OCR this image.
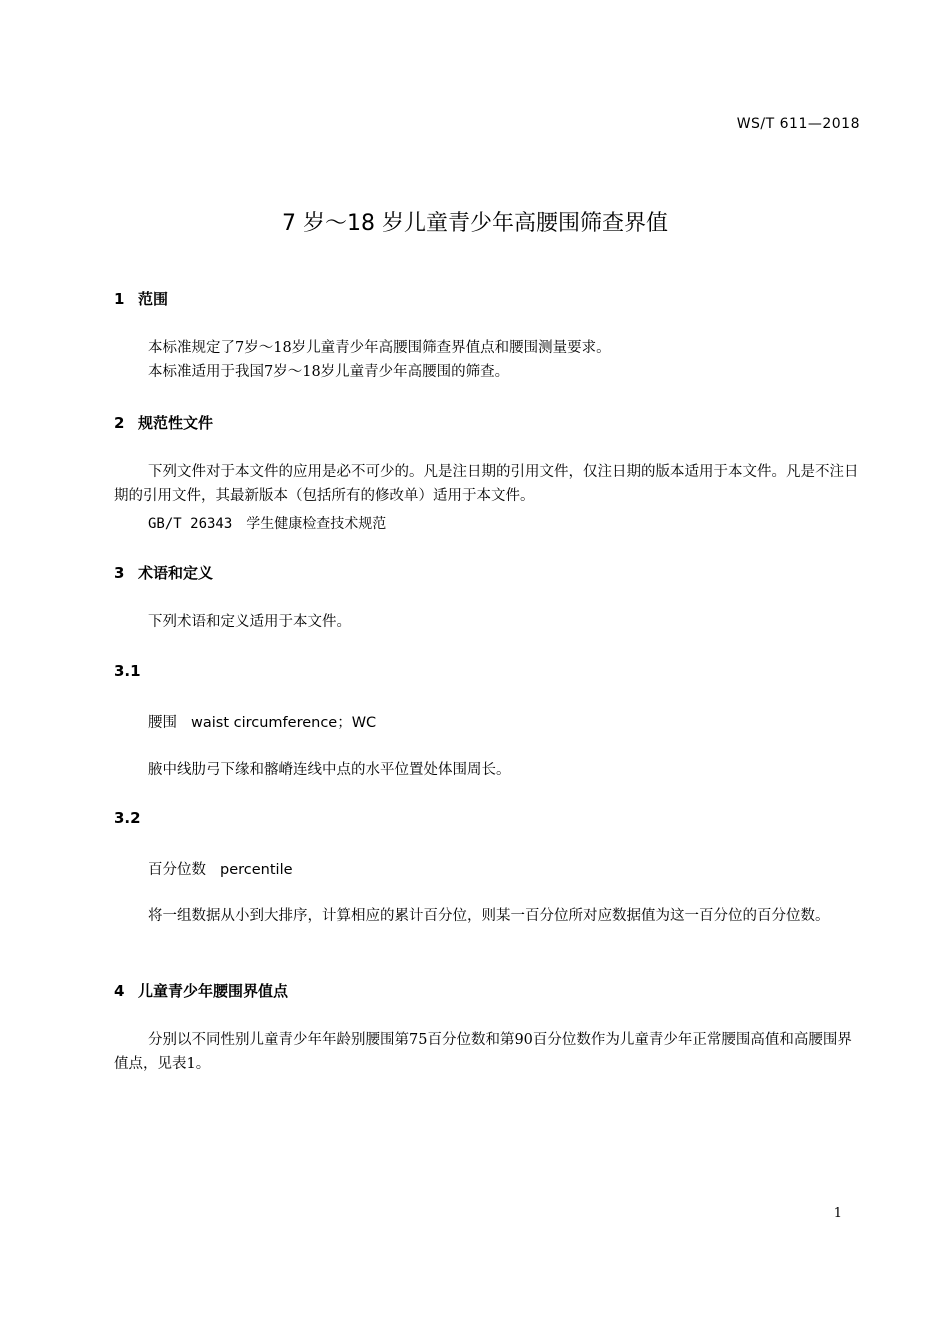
WS/T 611—2018
7 岁～18 岁儿童青少年高腰围筛查界值
1 范围

本标准规定了7岁～18岁儿童青少年高腰围筛查界值点和腰围测量要求。

本标准适用于我国7岁～18岁儿童青少年高腰围的筛查。

2 规范性文件

下列文件对于本文件的应用是必不可少的。凡是注日期的引用文件，仅注日期的版本适用于本文件。凡是不注日期的引用文件，其最新版本（包括所有的修改单）适用于本文件。

GB/T 26343 学生健康检查技术规范
3 术语和定义

下列术语和定义适用于本文件。

3.1
腰围 waist circumference；WC

腋中线肋弓下缘和髂嵴连线中点的水平位置处体围周长。

3.2
百分位数 percentile

将一组数据从小到大排序，计算相应的累计百分位，则某一百分位所对应数据值为这一百分位的百分位数。

4 儿童青少年腰围界值点

分别以不同性别儿童青少年年龄别腰围第75百分位数和第90百分位数作为儿童青少年正常腰围高值和高腰围界值点，见表1。

1
